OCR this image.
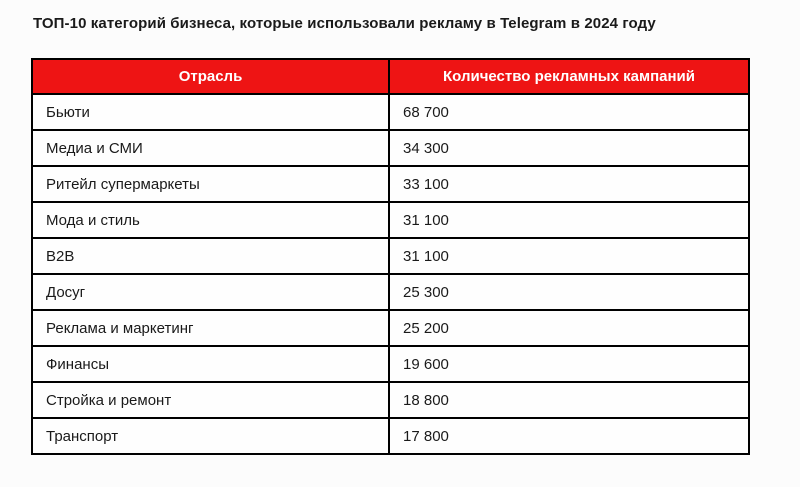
ТОП-10 категорий бизнеса, которые использовали рекламу в Telegram в 2024 году
Отрасль	Количество рекламных кампаний
Бьюти	68 700
Медиа и СМИ	34 300
Ритейл супермаркеты	33 100
Мода и стиль	31 100
B2B	31 100
Досуг	25 300
Реклама и маркетинг	25 200
Финансы	19 600
Стройка и ремонт	18 800
Транспорт	17 800
